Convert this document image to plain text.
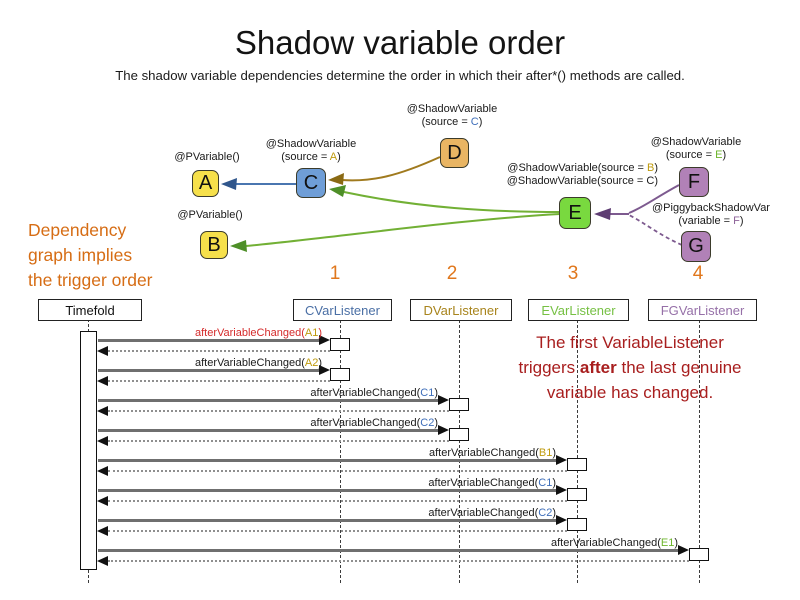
Shadow variable order
The shadow variable dependencies determine the order in which their after*() methods are called.
A
B
C
D
E
F
G
@PVariable()
@PVariable()
@ShadowVariable
(source = A)
@ShadowVariable
(source = C)
@ShadowVariable(source = B)
@ShadowVariable(source = C)
@ShadowVariable
(source = E)
@PiggybackShadowVar
(variable = F)
Dependency
graph implies
the trigger order	1	2	3	4
Timefold	CVarListener	DVarListener	EVarListener	FGVarListener
afterVariableChanged(A1)
afterVariableChanged(A2)
afterVariableChanged(C1)
afterVariableChanged(C2)
afterVariableChanged(B1)
afterVariableChanged(C1)
afterVariableChanged(C2)
afterVariableChanged(E1)
The first VariableListener
triggers after the last genuine
variable has changed.
